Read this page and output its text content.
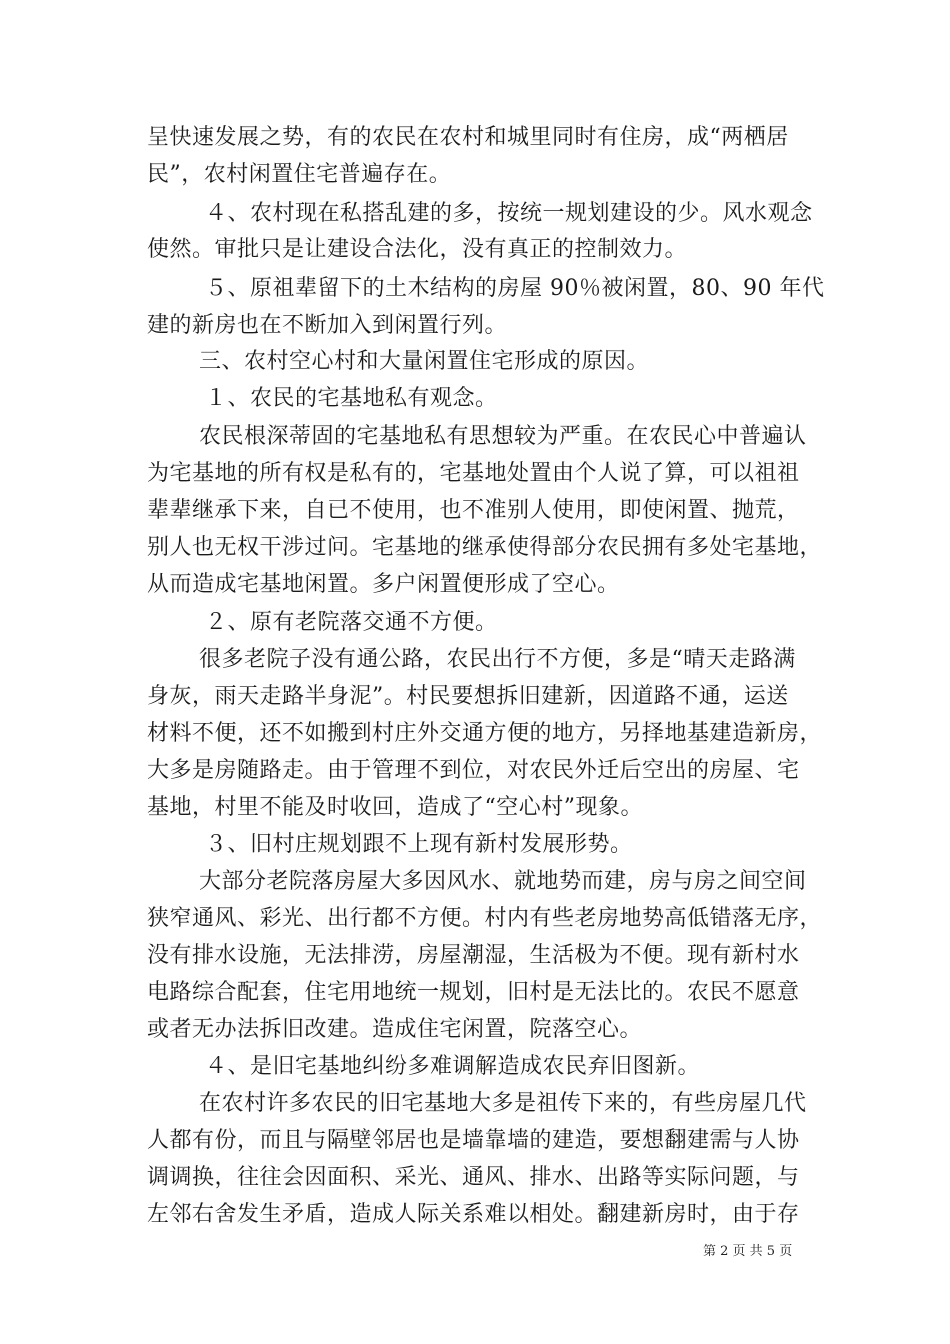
呈快速发展之势，有的农民在农村和城里同时有住房，成“两栖居
民”，农村闲置住宅普遍存在。
４、农村现在私搭乱建的多，按统一规划建设的少。风水观念
使然。审批只是让建设合法化，没有真正的控制效力。
５、原祖辈留下的土木结构的房屋 90％被闲置，80、90 年代
建的新房也在不断加入到闲置行列。
三、农村空心村和大量闲置住宅形成的原因。
１、农民的宅基地私有观念。
农民根深蒂固的宅基地私有思想较为严重。在农民心中普遍认
为宅基地的所有权是私有的，宅基地处置由个人说了算，可以祖祖
辈辈继承下来，自已不使用，也不准别人使用，即使闲置、抛荒，
别人也无权干涉过问。宅基地的继承使得部分农民拥有多处宅基地，
从而造成宅基地闲置。多户闲置便形成了空心。
２、原有老院落交通不方便。
很多老院子没有通公路，农民出行不方便，多是“晴天走路满
身灰，雨天走路半身泥”。村民要想拆旧建新，因道路不通，运送
材料不便，还不如搬到村庄外交通方便的地方，另择地基建造新房，
大多是房随路走。由于管理不到位，对农民外迁后空出的房屋、宅
基地，村里不能及时收回，造成了“空心村”现象。
３、旧村庄规划跟不上现有新村发展形势。
大部分老院落房屋大多因风水、就地势而建，房与房之间空间
狭窄通风、彩光、出行都不方便。村内有些老房地势高低错落无序，
没有排水设施，无法排涝，房屋潮湿，生活极为不便。现有新村水
电路综合配套，住宅用地统一规划，旧村是无法比的。农民不愿意
或者无办法拆旧改建。造成住宅闲置，院落空心。
４、是旧宅基地纠纷多难调解造成农民弃旧图新。
在农村许多农民的旧宅基地大多是祖传下来的，有些房屋几代
人都有份，而且与隔壁邻居也是墙靠墙的建造，要想翻建需与人协
调调换，往往会因面积、采光、通风、排水、出路等实际问题，与
左邻右舍发生矛盾，造成人际关系难以相处。翻建新房时，由于存
第 2 页 共 5 页
